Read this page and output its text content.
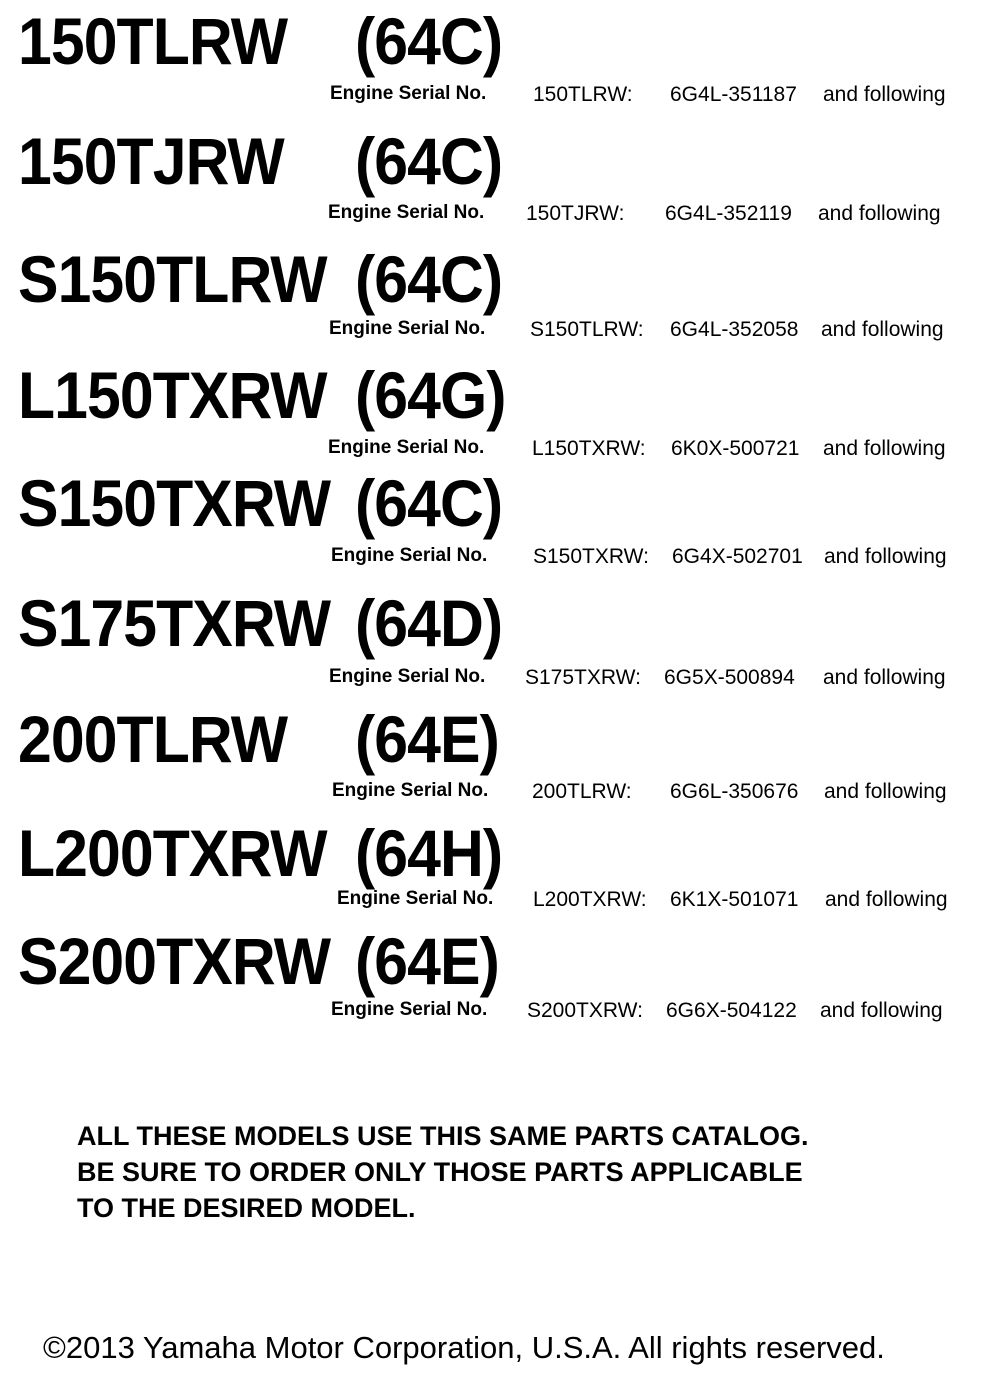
150TLRW (64C)
Engine Serial No. 150TLRW: 6G4L-351187 and following
150TJRW (64C)
Engine Serial No. 150TJRW: 6G4L-352119 and following
S150TLRW (64C)
Engine Serial No. S150TLRW: 6G4L-352058 and following
L150TXRW (64G)
Engine Serial No. L150TXRW: 6K0X-500721 and following
S150TXRW (64C)
Engine Serial No. S150TXRW: 6G4X-502701 and following
S175TXRW (64D)
Engine Serial No. S175TXRW: 6G5X-500894 and following
200TLRW (64E)
Engine Serial No. 200TLRW: 6G6L-350676 and following
L200TXRW (64H)
Engine Serial No. L200TXRW: 6K1X-501071 and following
S200TXRW (64E)
Engine Serial No. S200TXRW: 6G6X-504122 and following

ALL THESE MODELS USE THIS SAME PARTS CATALOG.
BE SURE TO ORDER ONLY THOSE PARTS APPLICABLE
TO THE DESIRED MODEL.

©2013 Yamaha Motor Corporation, U.S.A. All rights reserved.
